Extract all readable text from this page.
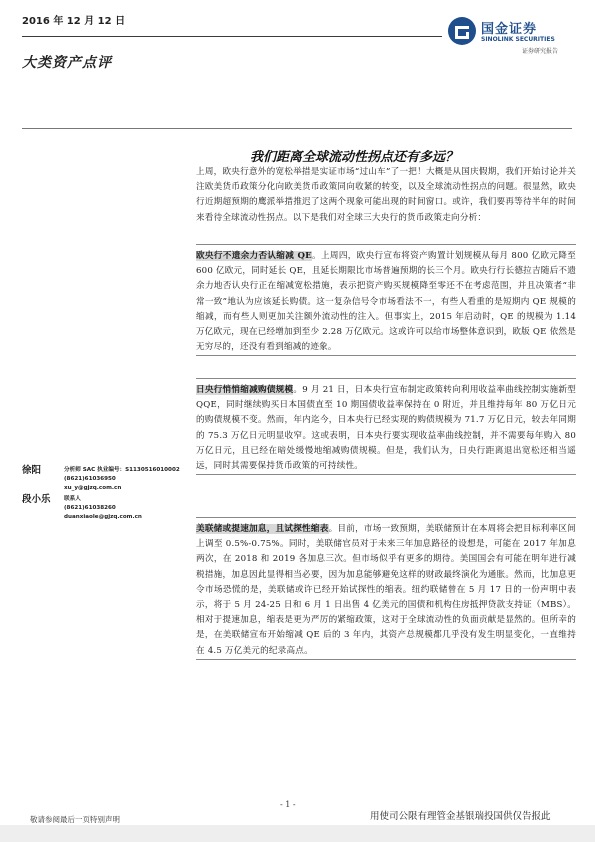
2016 年 12 月 12 日
国金证券
SINOLINK SECURITIES
证券研究报告
大类资产点评
我们距离全球流动性拐点还有多远？
上周，欧央行意外的宽松举措是实证市场“过山车”了一把！大概是从国庆假期，我们开始讨论并关注欧美货币政策分化向欧美货币政策同向收紧的转变，以及全球流动性拐点的问题。很显然，欧央行近期超预期的鹰派举措推迟了这两个现象可能出现的时间窗口。或许，我们要再等待半年的时间来看待全球流动性拐点。以下是我们对全球三大央行的货币政策走向分析：
欧央行不遗余力否认缩减 QE。上周四，欧央行宣布将资产购置计划规模从每月 800 亿欧元降至 600 亿欧元，同时延长 QE，且延长期限比市场普遍预期的长三个月。欧央行行长德拉吉随后不遗余力地否认央行正在缩减宽松措施，表示把资产购买规模降至零还不在考虑范围，并且决策者“非常一致”地认为应该延长购债。这一复杂信号令市场看法不一，有些人看重的是短期内 QE 规模的缩减，而有些人则更加关注额外流动性的注入。但事实上，2015 年启动时，QE 的规模为 1.14 万亿欧元，现在已经增加到至少 2.28 万亿欧元。这或许可以给市场整体意识到，欧版 QE 依然是无穷尽的，还没有看到缩减的迹象。
日央行悄悄缩减购债规模。9 月 21 日，日本央行宣布制定政策转向利用收益率曲线控制实施新型 QQE，同时继续购买日本国债直至 10 期国债收益率保持在 0 附近，并且维持每年 80 万亿日元的购债规模不变。然而，年内迄今，日本央行已经实现的购债规模为 71.7 万亿日元，较去年同期的 75.3 万亿日元明显收窄。这或表明，日本央行要实现收益率曲线控制，并不需要每年购入 80 万亿日元，且已经在暗处缓慢地缩减购债规模。但是，我们认为，日央行距离退出宽松还相当遥远，同时其需要保持货币政策的可持续性。
美联储或提速加息，且试探性缩表。目前，市场一致预期，美联储预计在本周将会把目标利率区间上调至 0.5%-0.75%。同时，美联储官员对于未来三年加息路径的设想是，可能在 2017 年加息两次，在 2018 和 2019 各加息三次。但市场似乎有更多的期待。美国国会有可能在明年进行减税措施，加息因此显得相当必要，因为加息能够避免这样的财政最终演化为通胀。然而，比加息更令市场恐慌的是，美联储或许已经开始试探性的缩表。纽约联储曾在 5 月 17 日的一份声明中表示，将于 5 月 24-25 日和 6 月 1 日出售 4 亿美元的国债和机构住房抵押贷款支持证（MBS）。相对于提速加息，缩表是更为严厉的紧缩政策，这对于全球流动性的负面贡献是显然的。但所幸的是，在美联储宣布开始缩减 QE 后的 3 年内，其资产总规模都几乎没有发生明显变化，一直维持在 4.5 万亿美元的纪录高点。
徐阳	分析师 SAC 执业编号：S1130516010002
(8621)61036950
xu_y@gjzq.com.cn
段小乐 联系人
(8621)61038260
duanxiaole@gjzq.com.cn
- 1 -
用使司公限有理管金基银瑞投国供仅告报此
敬请参阅最后一页特别声明
